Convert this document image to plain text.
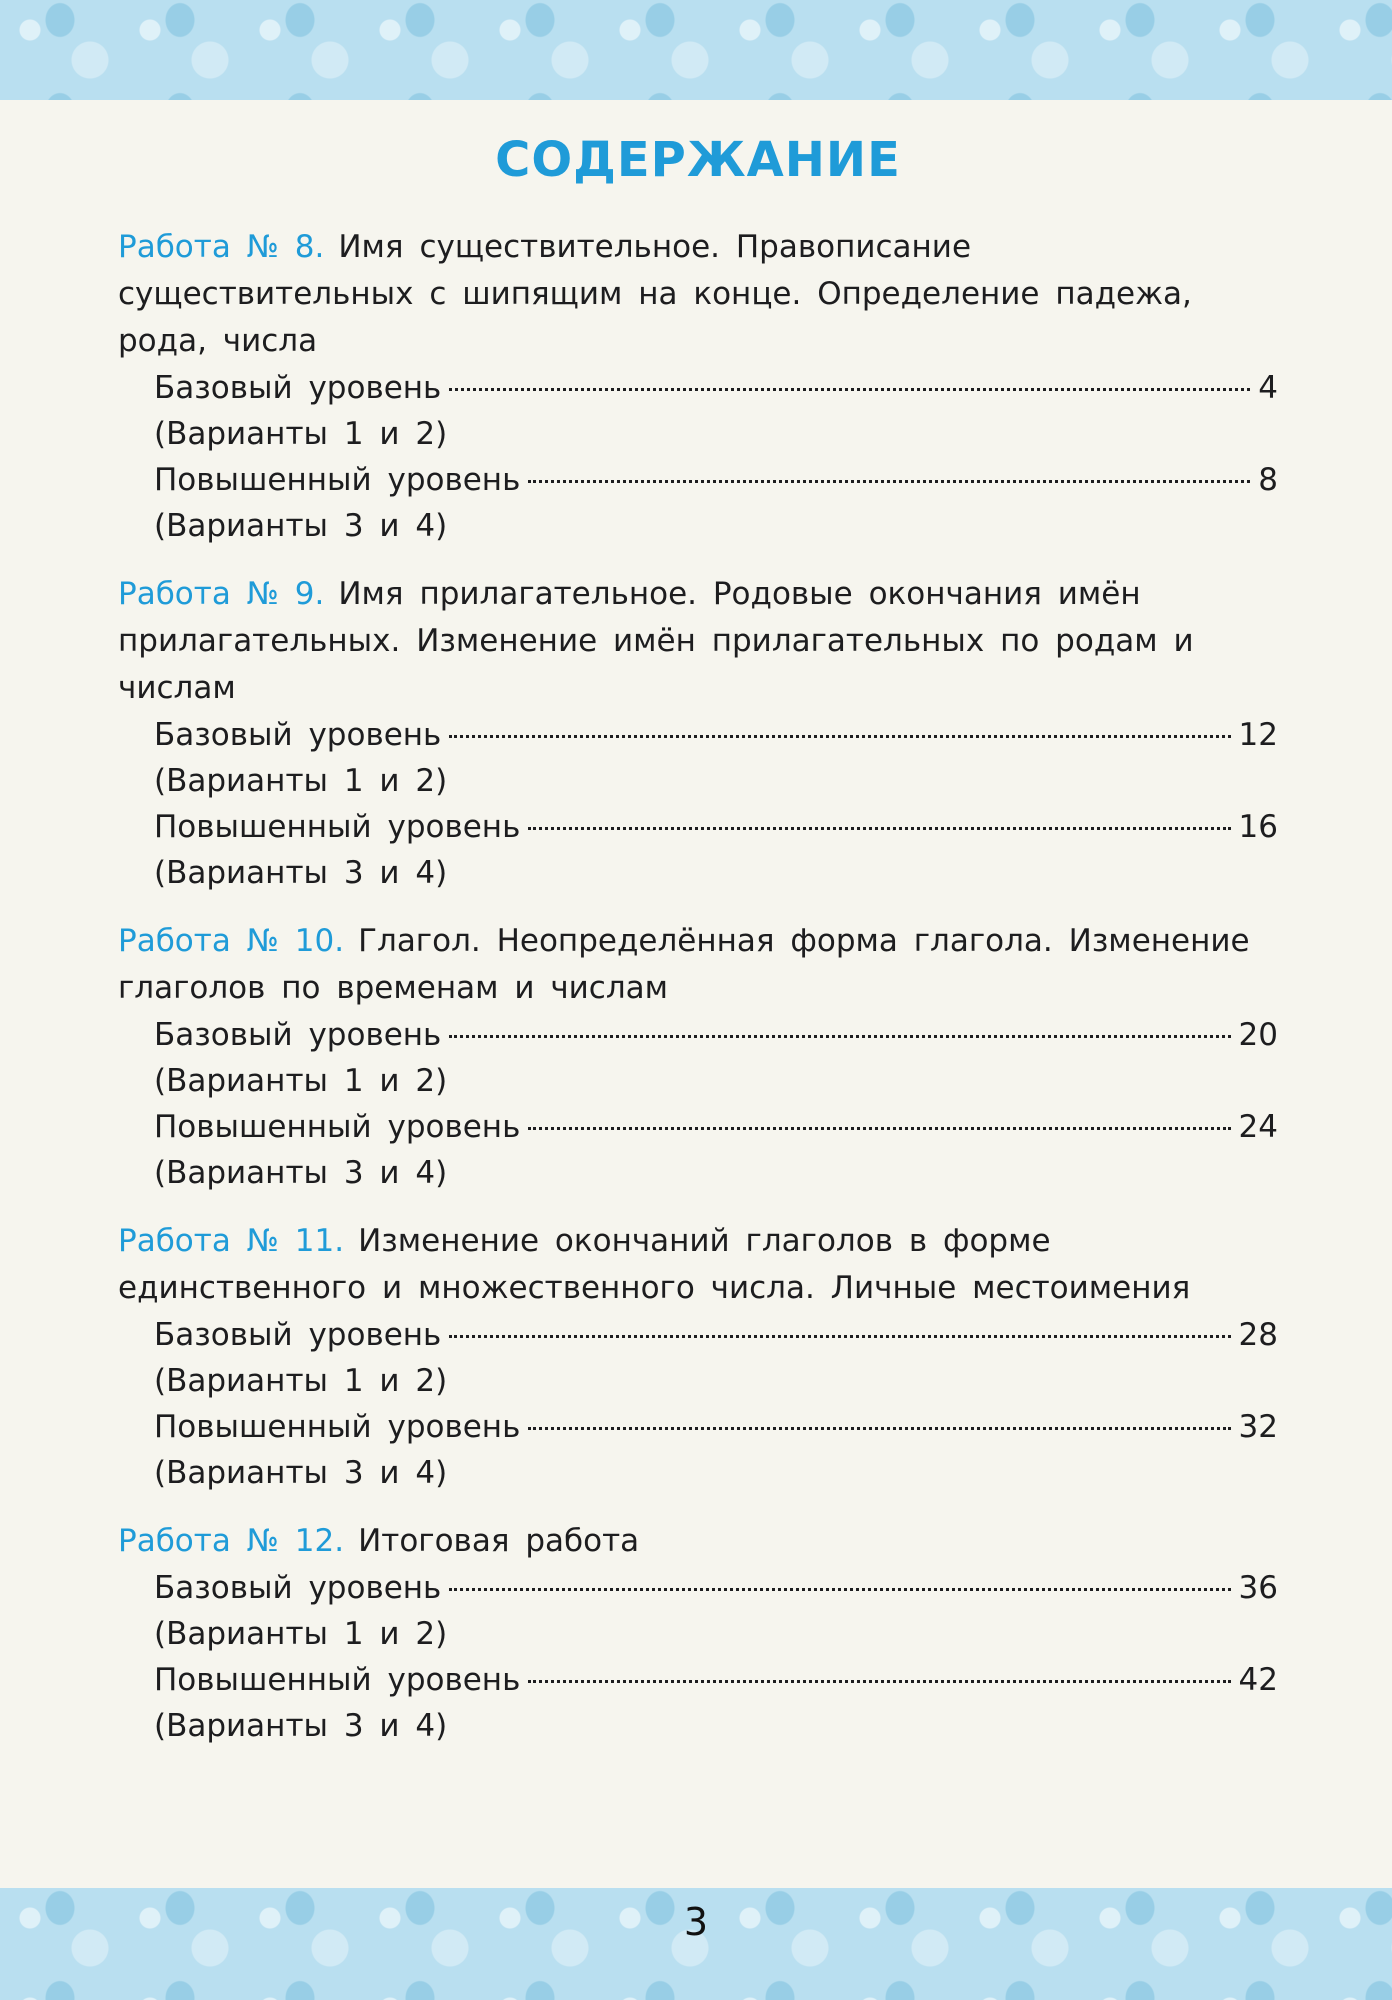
СОДЕРЖАНИЕ
Работа № 8. Имя существительное. Правописание существительных с шипящим на конце. Определение падежа, рода, числа
Базовый уровень	4
(Варианты 1 и 2)
Повышенный уровень	8
(Варианты 3 и 4)
Работа № 9. Имя прилагательное. Родовые окончания имён прилагательных. Изменение имён прилагательных по родам и числам
Базовый уровень	12
(Варианты 1 и 2)
Повышенный уровень	16
(Варианты 3 и 4)
Работа № 10. Глагол. Неопределённая форма глагола. Изменение глаголов по временам и числам
Базовый уровень	20
(Варианты 1 и 2)
Повышенный уровень	24
(Варианты 3 и 4)
Работа № 11. Изменение окончаний глаголов в форме единственного и множественного числа. Личные местоимения
Базовый уровень	28
(Варианты 1 и 2)
Повышенный уровень	32
(Варианты 3 и 4)
Работа № 12. Итоговая работа
Базовый уровень	36
(Варианты 1 и 2)
Повышенный уровень	42
(Варианты 3 и 4)
3
